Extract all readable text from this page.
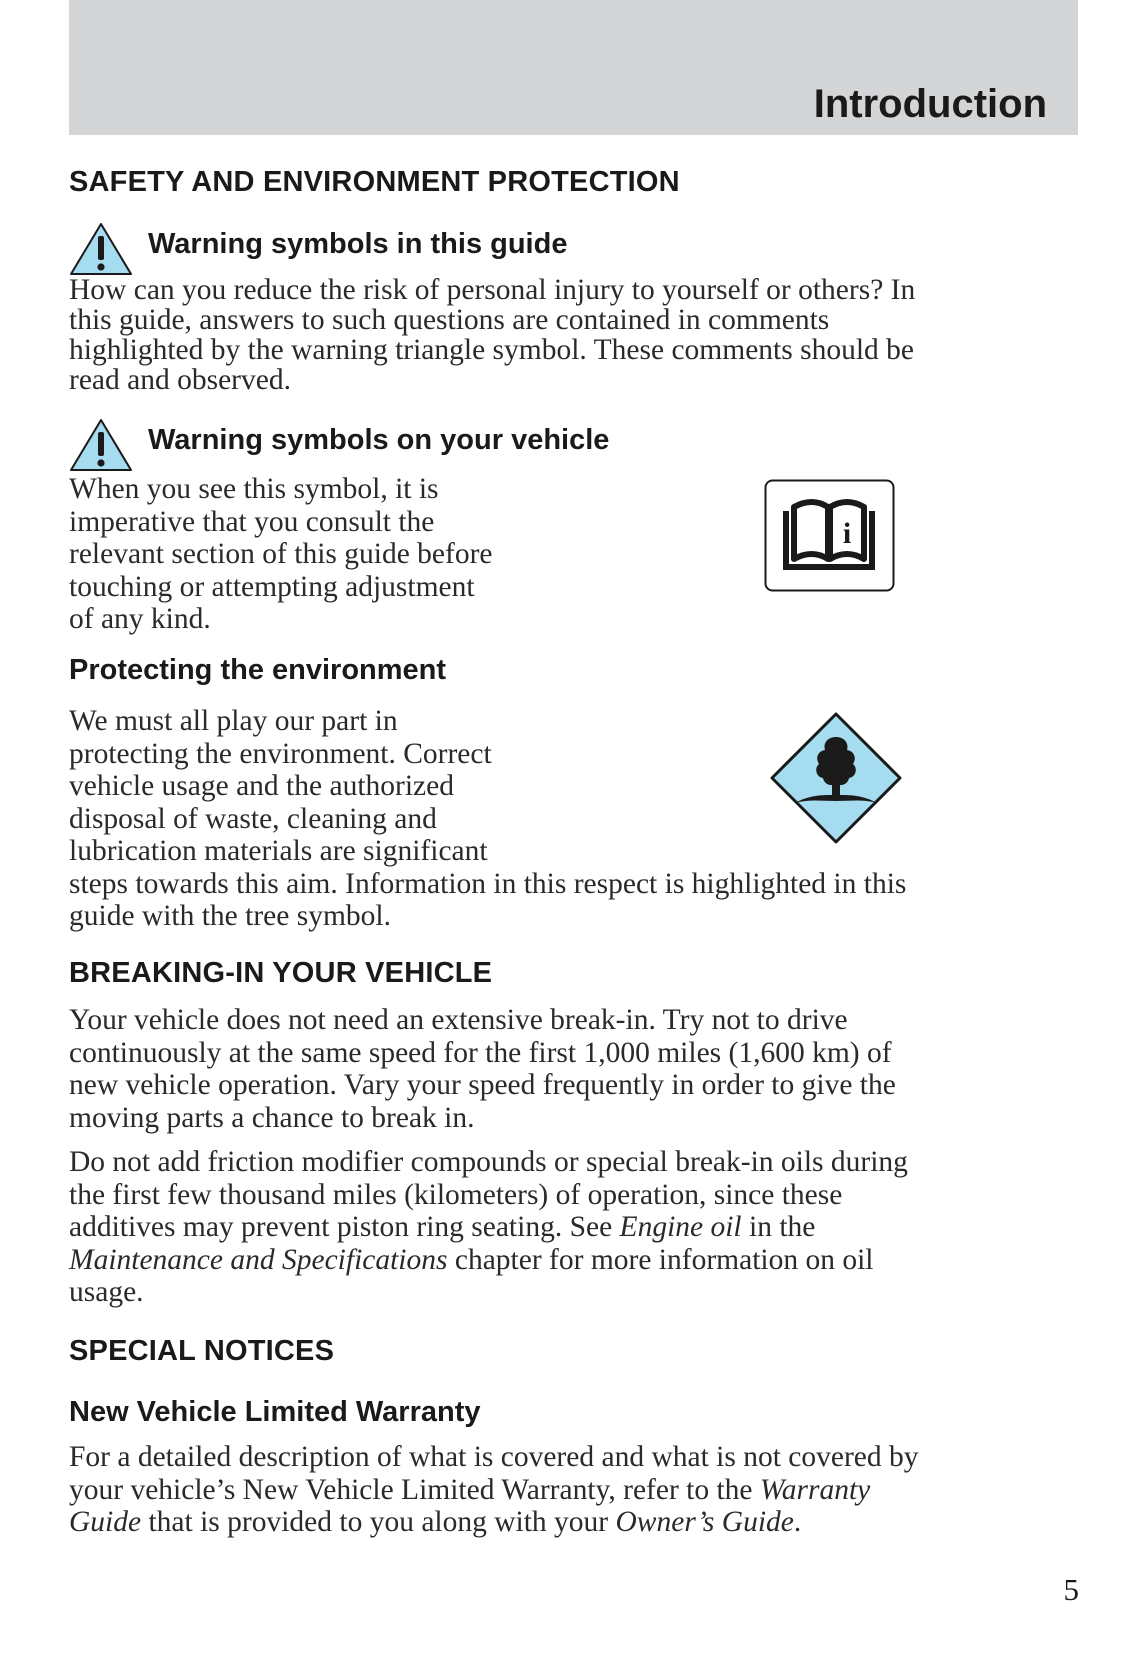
Introduction
SAFETY AND ENVIRONMENT PROTECTION
Warning symbols in this guide
How can you reduce the risk of personal injury to yourself or others? In
this guide, answers to such questions are contained in comments
highlighted by the warning triangle symbol. These comments should be
read and observed.
Warning symbols on your vehicle
When you see this symbol, it is
imperative that you consult the
relevant section of this guide before
touching or attempting adjustment
of any kind.
i
Protecting the environment
We must all play our part in
protecting the environment. Correct
vehicle usage and the authorized
disposal of waste, cleaning and
lubrication materials are significant
steps towards this aim. Information in this respect is highlighted in this
guide with the tree symbol.
BREAKING-IN YOUR VEHICLE
Your vehicle does not need an extensive break-in. Try not to drive
continuously at the same speed for the first 1,000 miles (1,600 km) of
new vehicle operation. Vary your speed frequently in order to give the
moving parts a chance to break in.
Do not add friction modifier compounds or special break-in oils during
the first few thousand miles (kilometers) of operation, since these
additives may prevent piston ring seating. See Engine oil in the
Maintenance and Specifications chapter for more information on oil
usage.
SPECIAL NOTICES
New Vehicle Limited Warranty
For a detailed description of what is covered and what is not covered by
your vehicle’s New Vehicle Limited Warranty, refer to the Warranty
Guide that is provided to you along with your Owner’s Guide.
5
